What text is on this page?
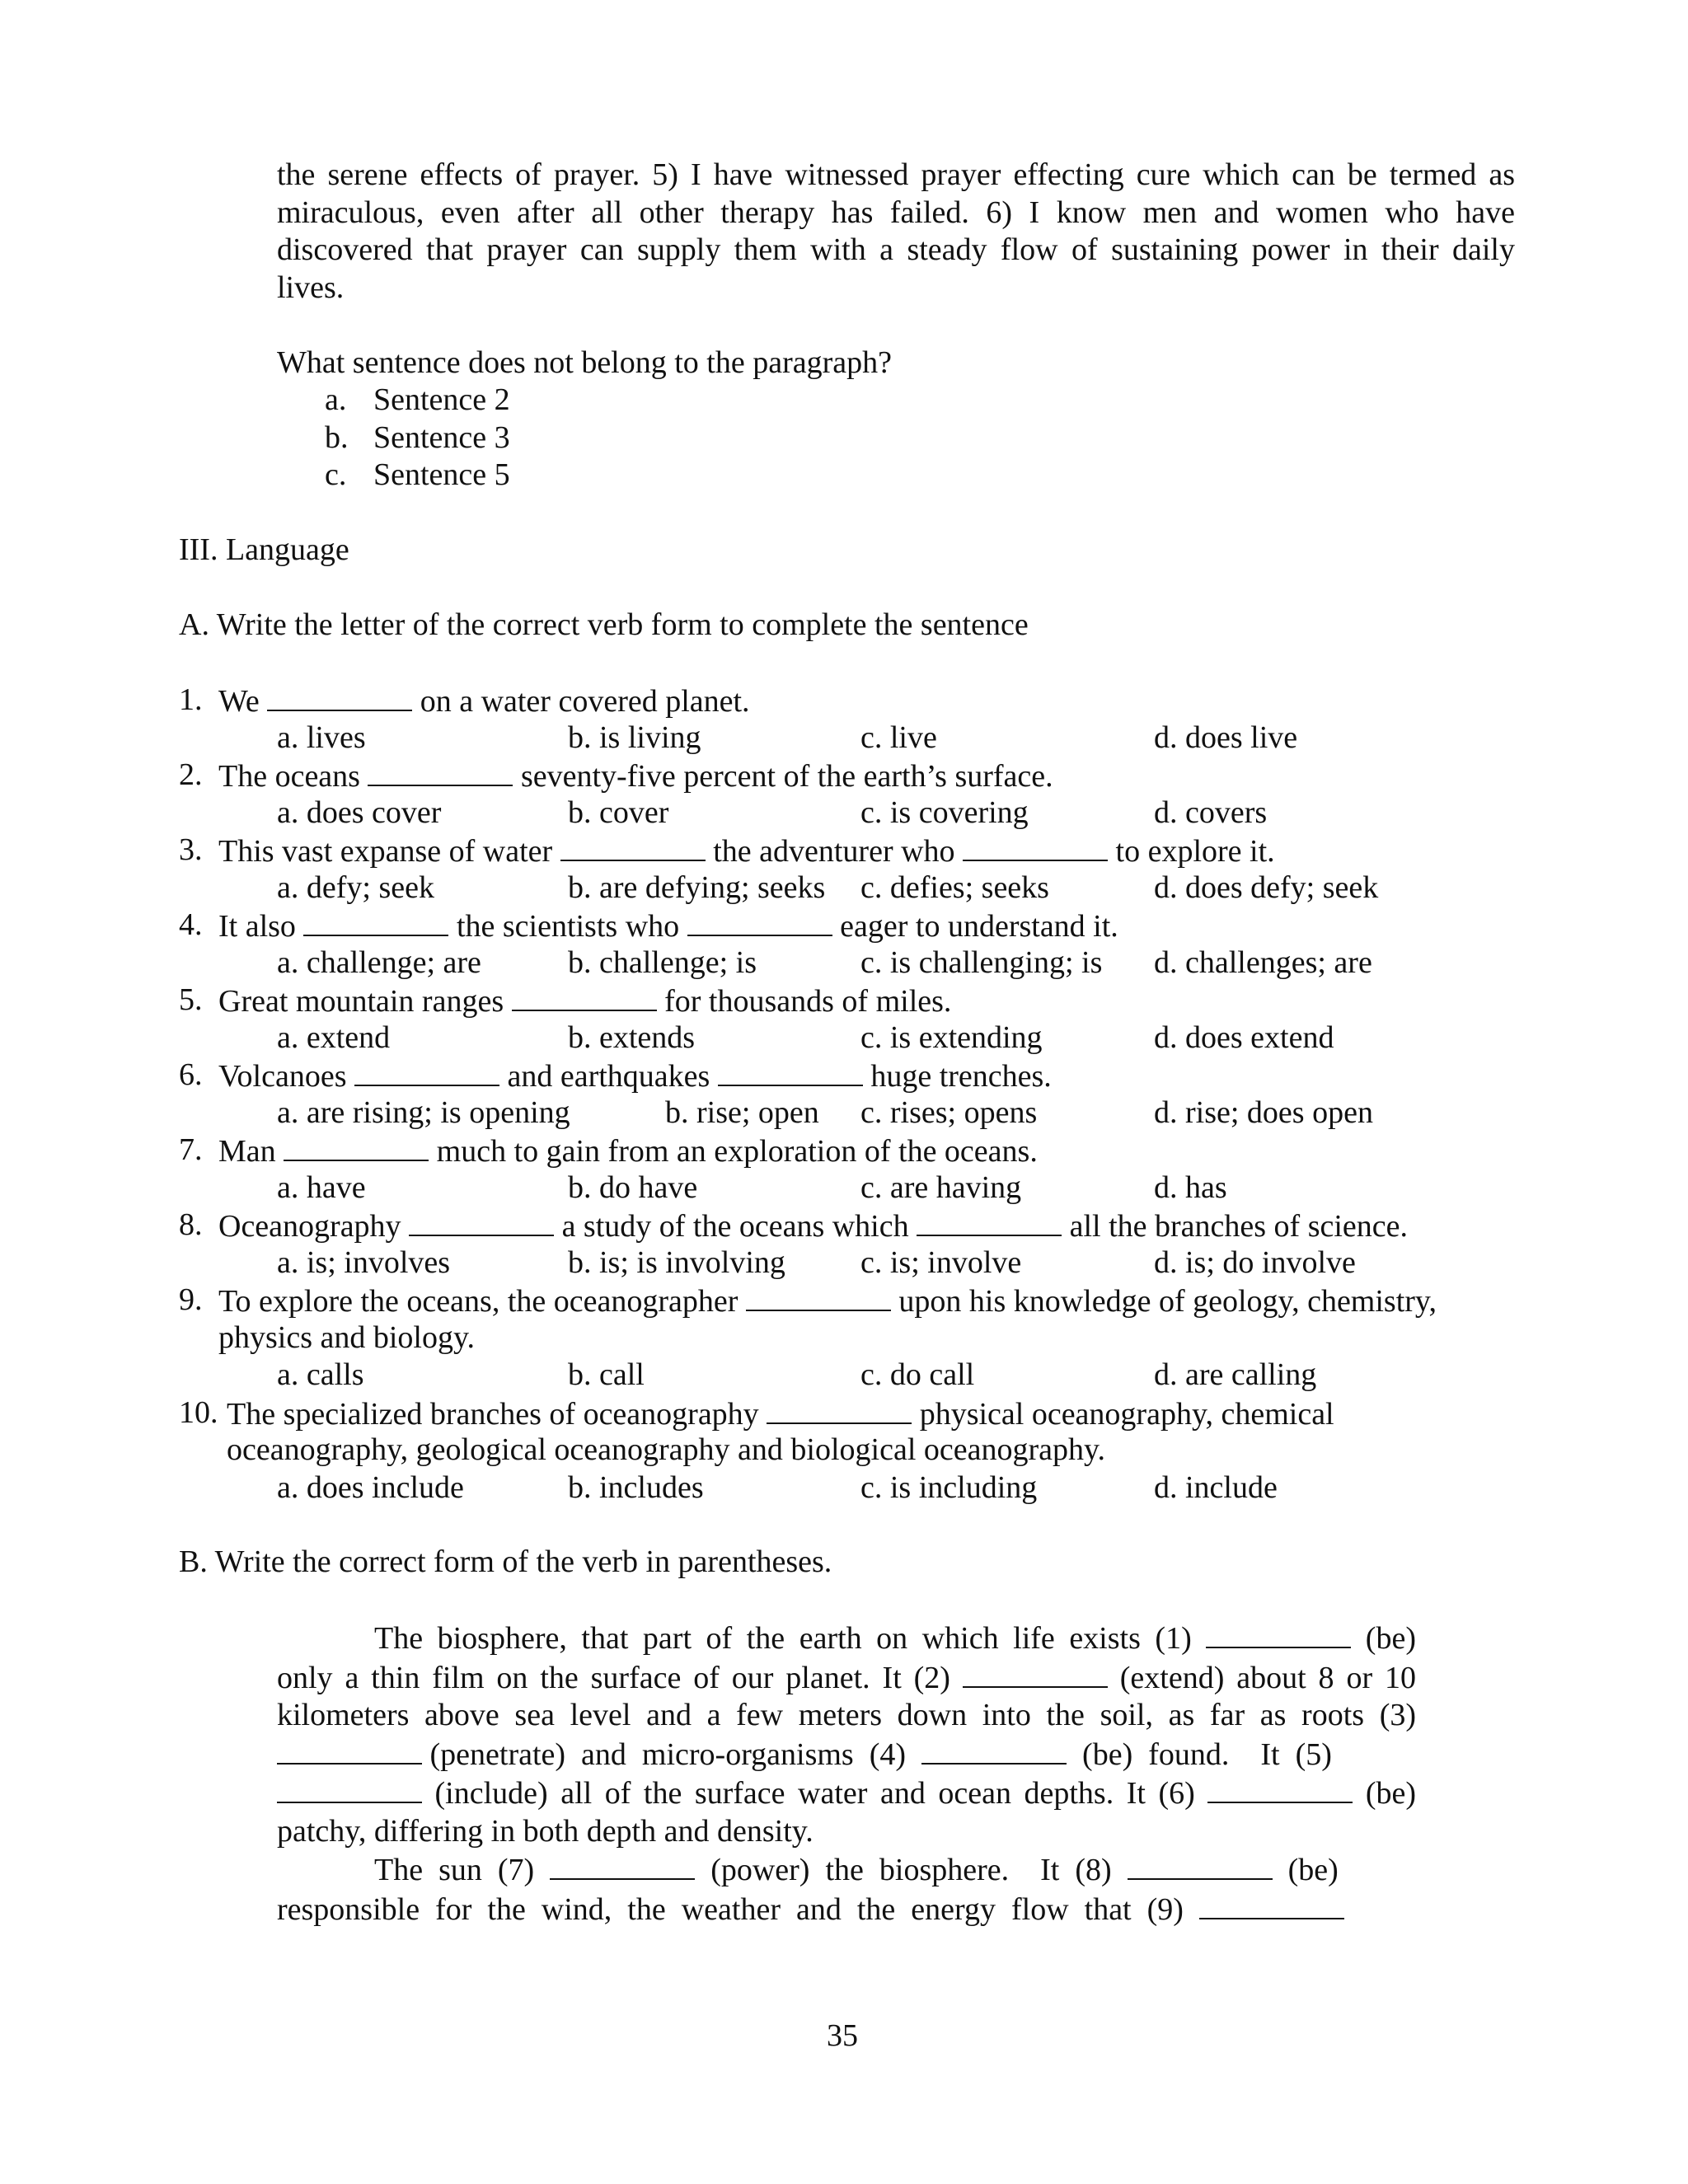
the serene effects of prayer. 5) I have witnessed prayer effecting cure which can be termed as
miraculous, even after all other therapy has failed. 6) I know men and women who have
discovered that prayer can supply them with a steady flow of sustaining power in their daily
lives.
What sentence does not belong to the paragraph?
a. Sentence 2
b. Sentence 3
c. Sentence 5
III. Language
A. Write the letter of the correct verb form to complete the sentence
1. We	on a water covered planet.
a. lives	b. is living	c. live	d. does live
2. The oceans	seventy-five percent of the earth’s surface.
a. does cover	b. cover	c. is covering	d. covers
3. This vast expanse of water	the adventurer who	to explore it.
a. defy; seek	b. are defying; seeks c. defies; seeks	d. does defy; seek
4. It also	the scientists who	eager to understand it.
a. challenge; are	b. challenge; is	c. is challenging; is d. challenges; are
5. Great mountain ranges	for thousands of miles.
a. extend	b. extends	c. is extending	d. does extend
6. Volcanoes	and earthquakes	huge trenches.
a. are rising; is opening	b. rise; open c. rises; opens	d. rise; does open
7. Man	much to gain from an exploration of the oceans.
a. have	b. do have	c. are having	d. has
8. Oceanography	a study of the oceans which	all the branches of science.
a. is; involves	b. is; is involving c. is; involve	d. is; do involve
9. To explore the oceans, the oceanographer	upon his knowledge of geology, chemistry,
physics and biology.
a. calls	b. call	c. do call	d. are calling
10. The specialized branches of oceanography	physical oceanography, chemical
oceanography, geological oceanography and biological oceanography.
a. does include	b. includes	c. is including	d. include
B. Write the correct form of the verb in parentheses.
The biosphere, that part of the earth on which life exists (1)	(be)
only a thin film on the surface of our planet. It (2)	(extend) about 8 or 10
kilometers above sea level and a few meters down into the soil, as far as roots (3)
(penetrate)  and  micro-organisms  (4)	(be)  found.    It  (5)
(include) all of the surface water and ocean depths. It (6)	(be)
patchy, differing in both depth and density.
The  sun  (7)	(power)  the  biosphere.    It  (8)	(be)
responsible  for  the  wind,  the  weather  and  the  energy  flow  that  (9)
35
